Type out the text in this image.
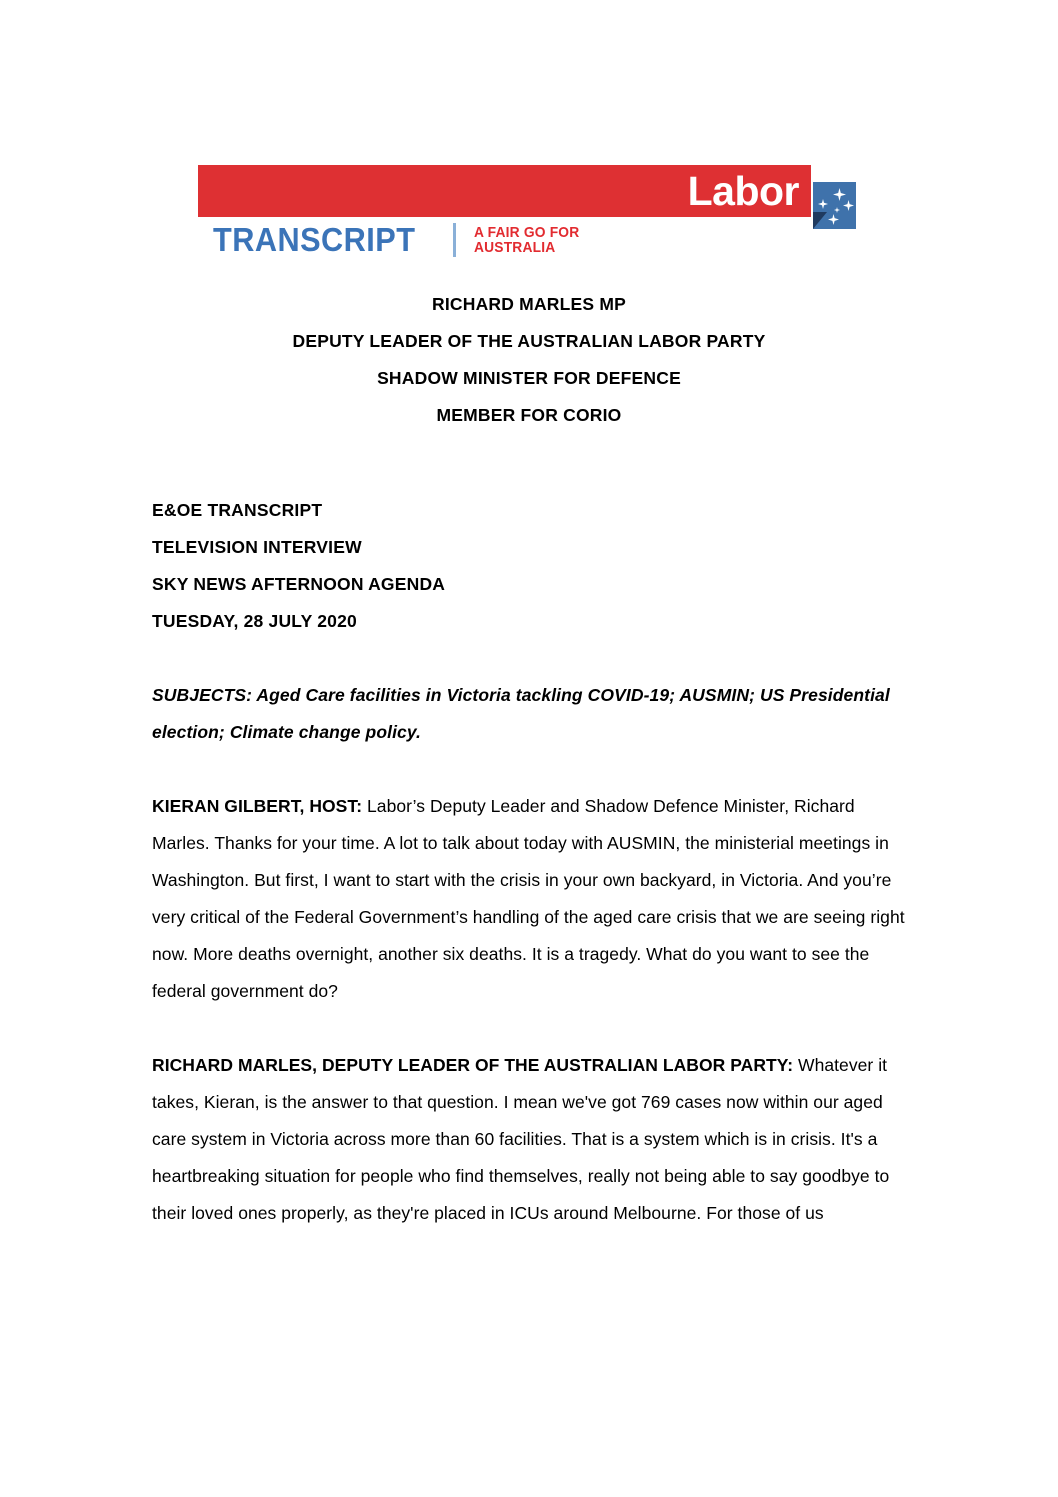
Labor
TRANSCRIPT	A FAIR GO FOR
AUSTRALIA
RICHARD MARLES MP
DEPUTY LEADER OF THE AUSTRALIAN LABOR PARTY
SHADOW MINISTER FOR DEFENCE
MEMBER FOR CORIO
E&OE TRANSCRIPT
TELEVISION INTERVIEW
SKY NEWS AFTERNOON AGENDA
TUESDAY, 28 JULY 2020
SUBJECTS: Aged Care facilities in Victoria tackling COVID-19; AUSMIN; US Presidential election; Climate change policy.
KIERAN GILBERT, HOST: Labor’s Deputy Leader and Shadow Defence Minister, Richard Marles. Thanks for your time. A lot to talk about today with AUSMIN, the ministerial meetings in Washington. But first, I want to start with the crisis in your own backyard, in Victoria. And you’re very critical of the Federal Government’s handling of the aged care crisis that we are seeing right now. More deaths overnight, another six deaths. It is a tragedy. What do you want to see the federal government do?
RICHARD MARLES, DEPUTY LEADER OF THE AUSTRALIAN LABOR PARTY: Whatever it takes, Kieran, is the answer to that question. I mean we've got 769 cases now within our aged care system in Victoria across more than 60 facilities. That is a system which is in crisis. It's a heartbreaking situation for people who find themselves, really not being able to say goodbye to their loved ones properly, as they're placed in ICUs around Melbourne. For those of us
